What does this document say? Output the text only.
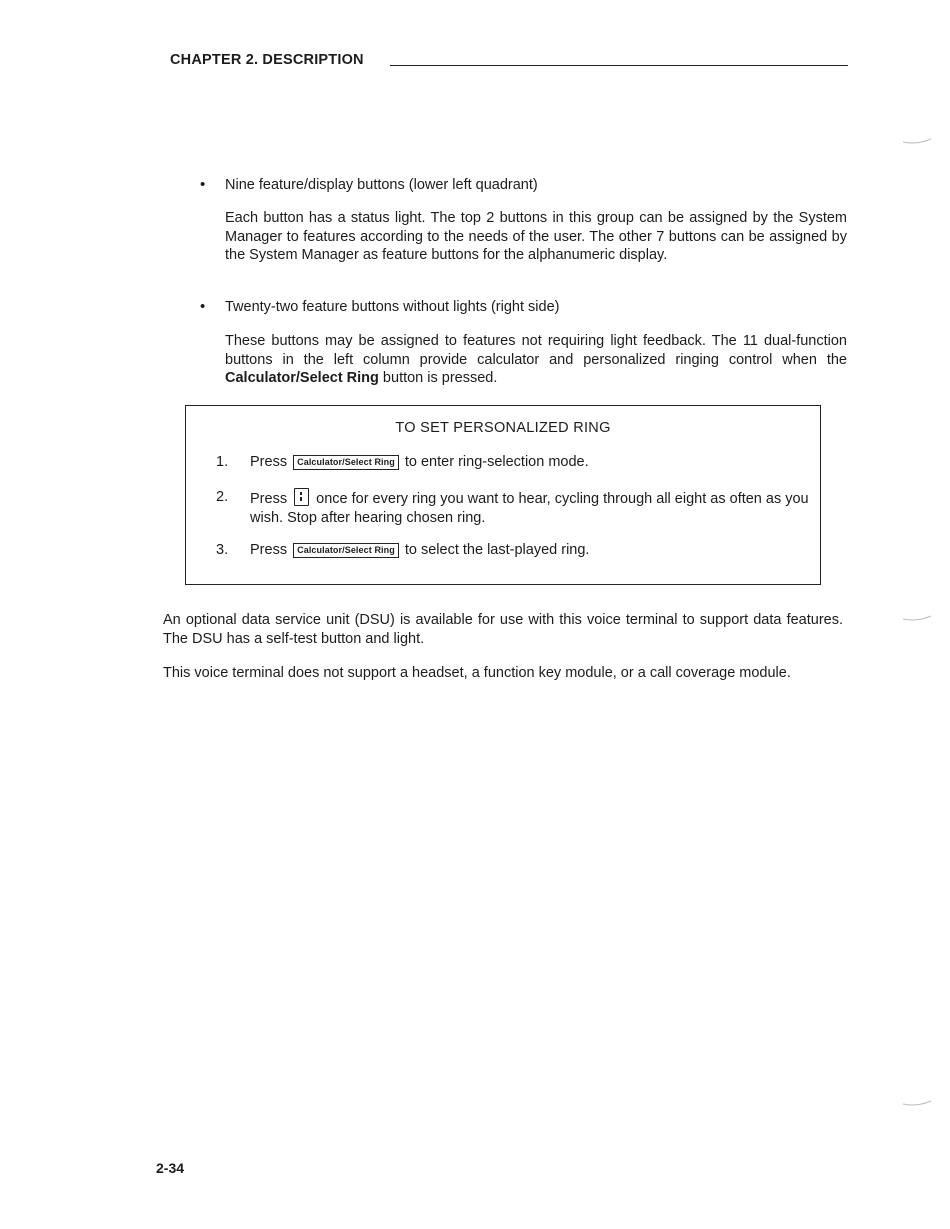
CHAPTER 2. DESCRIPTION
• Nine feature/display buttons (lower left quadrant)

Each button has a status light. The top 2 buttons in this group can be assigned by the System Manager to features according to the needs of the user. The other 7 buttons can be assigned by the System Manager as feature buttons for the alphanumeric display.

• Twenty-two feature buttons without lights (right side)

These buttons may be assigned to features not requiring light feedback. The 11 dual-function buttons in the left column provide calculator and personalized ringing control when the Calculator/Select Ring button is pressed.

TO SET PERSONALIZED RING
1. Press Calculator/Select Ring to enter ring-selection mode.
2. Press once for every ring you want to hear, cycling through all eight as often as you wish. Stop after hearing chosen ring.
3. Press Calculator/Select Ring to select the last-played ring.

An optional data service unit (DSU) is available for use with this voice terminal to support data features. The DSU has a self-test button and light.

This voice terminal does not support a headset, a function key module, or a call coverage module.

2-34
